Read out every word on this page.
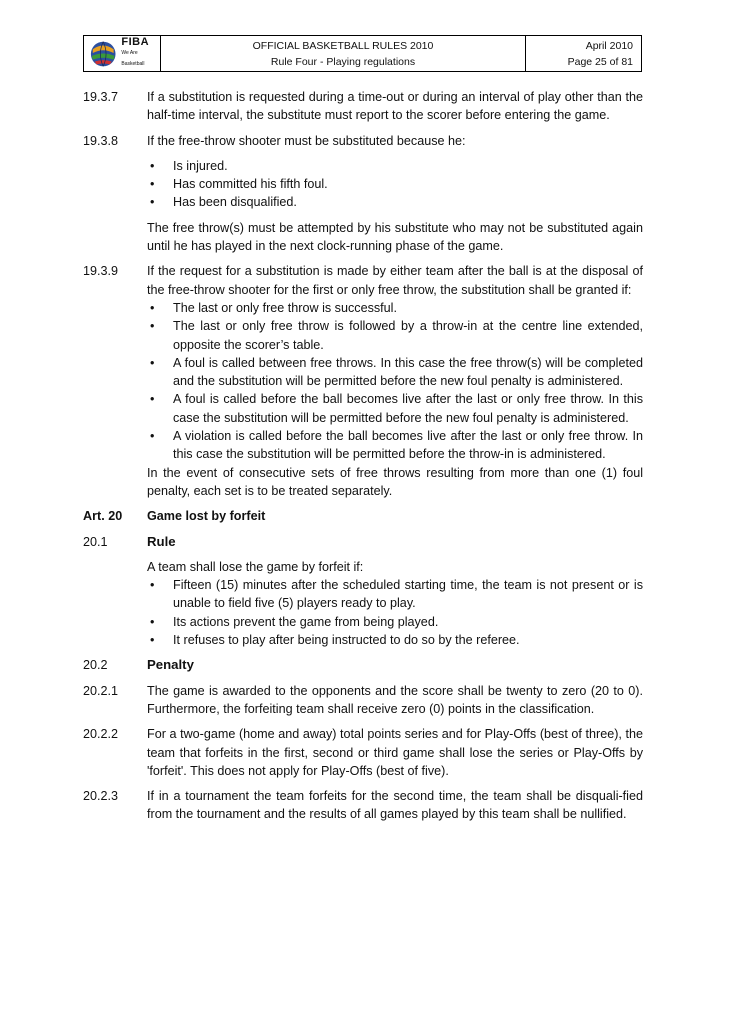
FIBA
We Are Basketball
OFFICIAL BASKETBALL RULES 2010
Rule Four - Playing regulations
April 2010
Page 25 of 81
19.3.7	If a substitution is requested during a time-out or during an interval of play other than the half-time interval, the substitute must report to the scorer before entering the game.

19.3.8	If the free-throw shooter must be substituted because he:

• Is injured.
• Has committed his fifth foul.
• Has been disqualified.

The free throw(s) must be attempted by his substitute who may not be substituted again until he has played in the next clock-running phase of the game.

19.3.9	If the request for a substitution is made by either team after the ball is at the disposal of the free-throw shooter for the first or only free throw, the substitution shall be granted if:

• The last or only free throw is successful.
• The last or only free throw is followed by a throw-in at the centre line extended, opposite the scorer’s table.
• A foul is called between free throws. In this case the free throw(s) will be completed and the substitution will be permitted before the new foul penalty is administered.
• A foul is called before the ball becomes live after the last or only free throw. In this case the substitution will be permitted before the new foul penalty is administered.
• A violation is called before the ball becomes live after the last or only free throw. In this case the substitution will be permitted before the throw-in is administered.

In the event of consecutive sets of free throws resulting from more than one (1) foul penalty, each set is to be treated separately.

Art. 20	Game lost by forfeit
20.1	Rule

A team shall lose the game by forfeit if:

• Fifteen (15) minutes after the scheduled starting time, the team is not present or is unable to field five (5) players ready to play.
• Its actions prevent the game from being played.
• It refuses to play after being instructed to do so by the referee.
20.2	Penalty
20.2.1	The game is awarded to the opponents and the score shall be twenty to zero (20 to 0). Furthermore, the forfeiting team shall receive zero (0) points in the classification.

20.2.2	For a two-game (home and away) total points series and for Play-Offs (best of three), the team that forfeits in the first, second or third game shall lose the series or Play-Offs by 'forfeit'. This does not apply for Play-Offs (best of five).

20.2.3	If in a tournament the team forfeits for the second time, the team shall be disquali-fied from the tournament and the results of all games played by this team shall be nullified.
